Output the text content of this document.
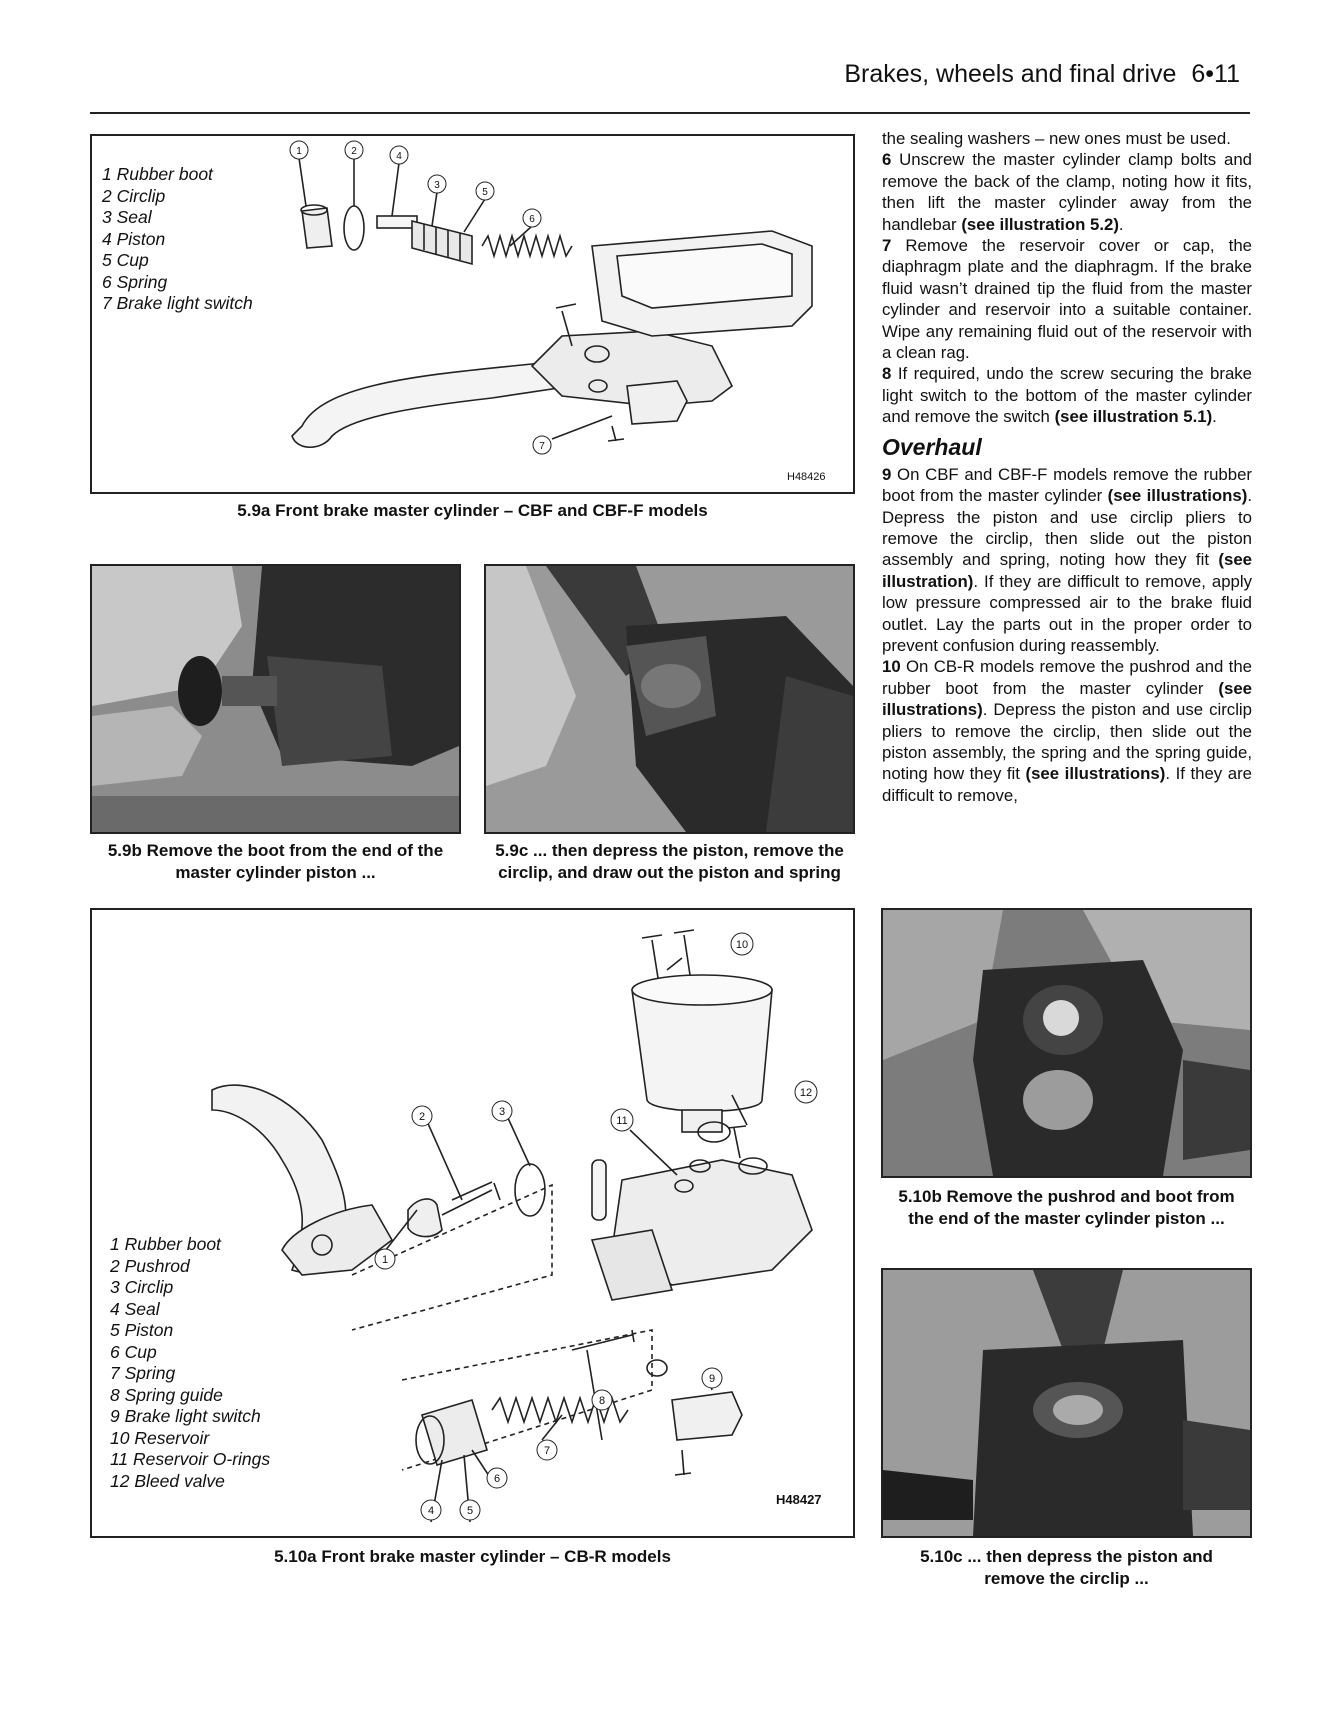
Brakes, wheels and final drive 6•11
1 Rubber boot
2 Circlip
3 Seal
4 Piston
5 Cup
6 Spring
7 Brake light switch
1	2	4
3
5
6
7
H48426
5.9a Front brake master cylinder – CBF and CBF-F models
5.9b Remove the boot from the end of the
master cylinder piston ...
5.9c ... then depress the piston, remove the
circlip, and draw out the piston and spring
1 Rubber boot
2 Pushrod
3 Circlip
4 Seal
5 Piston
6 Cup
7 Spring
8 Spring guide
9 Brake light switch
10 Reservoir
11 Reservoir O-rings
12 Bleed valve
1
2	3
4	5
6
7
8
9
10
11
12
H48427
5.10a Front brake master cylinder – CB-R models
5.10b Remove the pushrod and boot from
the end of the master cylinder piston ...
5.10c ... then depress the piston and
remove the circlip ...

the sealing washers – new ones must be used.

6 Unscrew the master cylinder clamp bolts and remove the back of the clamp, noting how it fits, then lift the master cylinder away from the handlebar (see illustration 5.2).

7 Remove the reservoir cover or cap, the diaphragm plate and the diaphragm. If the brake fluid wasn’t drained tip the fluid from the master cylinder and reservoir into a suitable container. Wipe any remaining fluid out of the reservoir with a clean rag.

8 If required, undo the screw securing the brake light switch to the bottom of the master cylinder and remove the switch (see illustration 5.1).

Overhaul

9 On CBF and CBF-F models remove the rubber boot from the master cylinder (see illustrations). Depress the piston and use circlip pliers to remove the circlip, then slide out the piston assembly and spring, noting how they fit (see illustration). If they are difficult to remove, apply low pressure compressed air to the brake fluid outlet. Lay the parts out in the proper order to prevent confusion during reassembly.

10 On CB-R models remove the pushrod and the rubber boot from the master cylinder (see illustrations). Depress the piston and use circlip pliers to remove the circlip, then slide out the piston assembly, the spring and the spring guide, noting how they fit (see illustrations). If they are difficult to remove,
